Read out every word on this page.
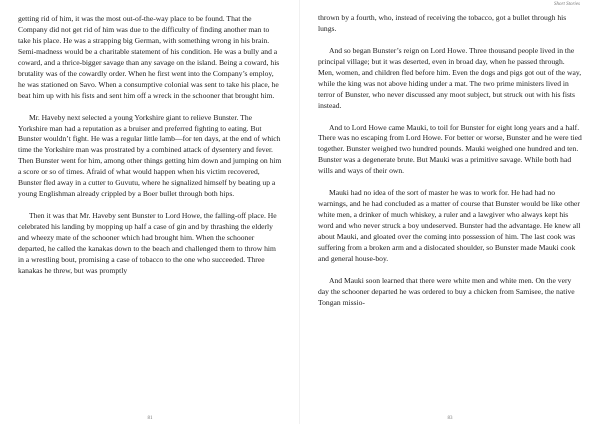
getting rid of him, it was the most out-of-the-way place to be found. That the Company did not get rid of him was due to the difficulty of finding another man to take his place. He was a strapping big German, with something wrong in his brain. Semi-madness would be a charitable statement of his condition. He was a bully and a coward, and a thrice-bigger savage than any savage on the island. Being a coward, his brutality was of the cowardly order. When he first went into the Company’s employ, he was stationed on Savo. When a consumptive colonial was sent to take his place, he beat him up with his fists and sent him off a wreck in the schooner that brought him.

Mr. Haveby next selected a young Yorkshire giant to relieve Bunster. The Yorkshire man had a reputation as a bruiser and preferred fighting to eating. But Bunster wouldn’t fight. He was a regular little lamb—for ten days, at the end of which time the Yorkshire man was prostrated by a combined attack of dysentery and fever. Then Bunster went for him, among other things getting him down and jumping on him a score or so of times. Afraid of what would happen when his victim recovered, Bunster fled away in a cutter to Guvutu, where he signalized himself by beating up a young Englishman already crippled by a Boer bullet through both hips.

Then it was that Mr. Haveby sent Bunster to Lord Howe, the falling-off place. He celebrated his landing by mopping up half a case of gin and by thrashing the elderly and wheezy mate of the schooner which had brought him. When the schooner departed, he called the kanakas down to the beach and challenged them to throw him in a wrestling bout, promising a case of tobacco to the one who succeeded. Three kanakas he threw, but was promptly

81
Short Stories

thrown by a fourth, who, instead of receiving the tobacco, got a bullet through his lungs.

And so began Bunster’s reign on Lord Howe. Three thousand people lived in the principal village; but it was deserted, even in broad day, when he passed through. Men, women, and children fled before him. Even the dogs and pigs got out of the way, while the king was not above hiding under a mat. The two prime ministers lived in terror of Bunster, who never discussed any moot subject, but struck out with his fists instead.

And to Lord Howe came Mauki, to toil for Bunster for eight long years and a half. There was no escaping from Lord Howe. For better or worse, Bunster and he were tied together. Bunster weighed two hundred pounds. Mauki weighed one hundred and ten. Bunster was a degenerate brute. But Mauki was a primitive savage. While both had wills and ways of their own.

Mauki had no idea of the sort of master he was to work for. He had had no warnings, and he had concluded as a matter of course that Bunster would be like other white men, a drinker of much whiskey, a ruler and a lawgiver who always kept his word and who never struck a boy undeserved. Bunster had the advantage. He knew all about Mauki, and gloated over the coming into possession of him. The last cook was suffering from a broken arm and a dislocated shoulder, so Bunster made Mauki cook and general house-boy.

And Mauki soon learned that there were white men and white men. On the very day the schooner departed he was ordered to buy a chicken from Samisee, the native Tongan missio-

83
